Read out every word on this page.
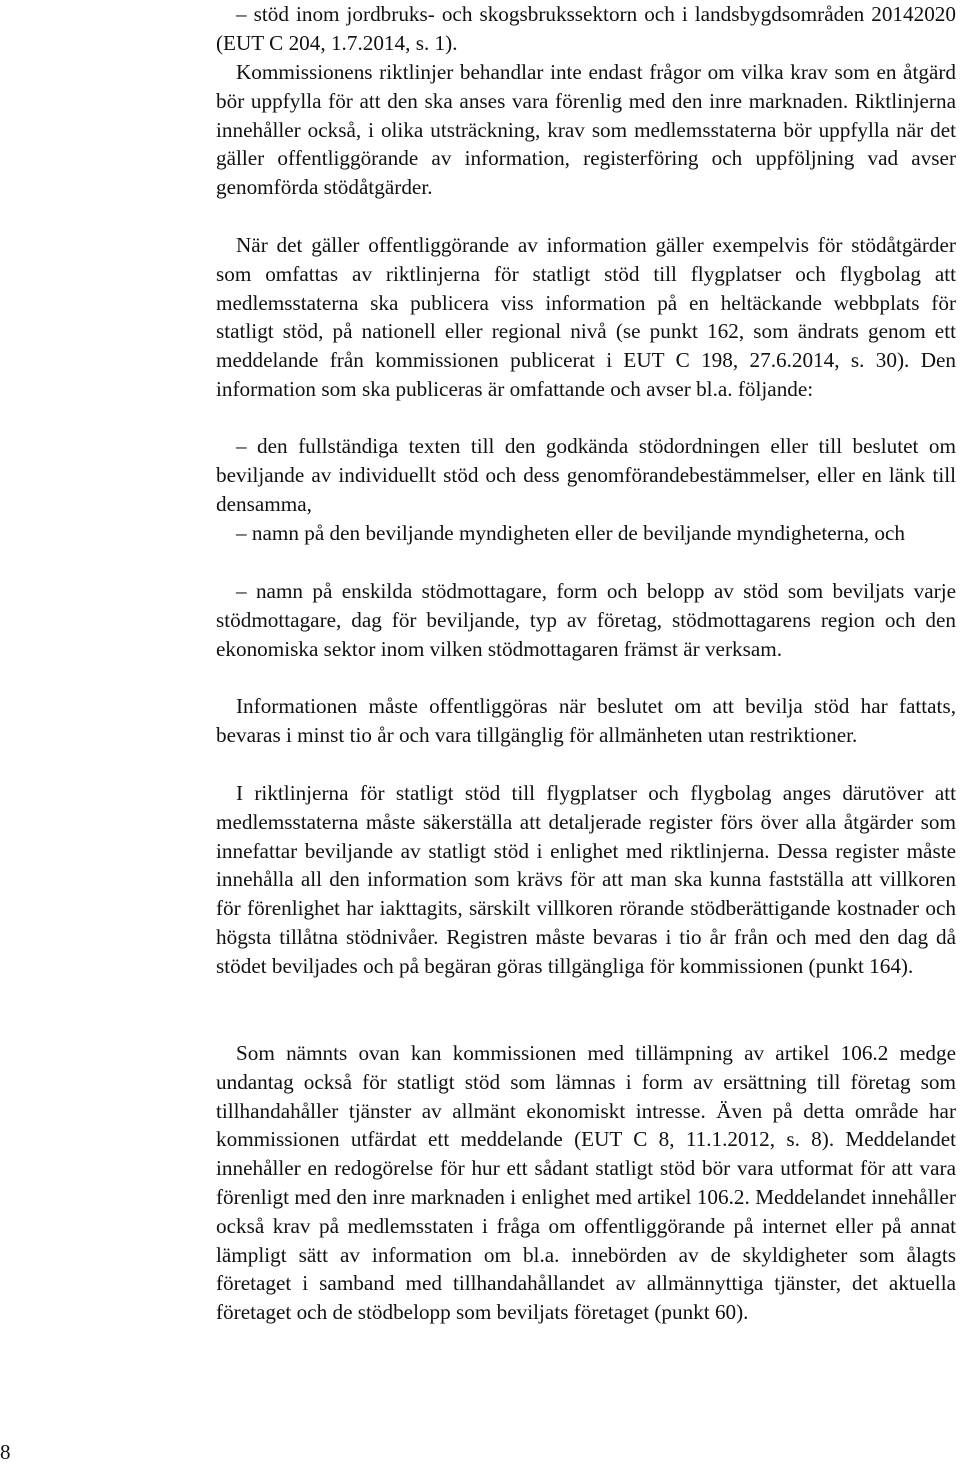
– stöd inom jordbruks- och skogsbrukssektorn och i landsbygdsområden 20142020 (EUT C 204, 1.7.2014, s. 1).

Kommissionens riktlinjer behandlar inte endast frågor om vilka krav som en åtgärd bör uppfylla för att den ska anses vara förenlig med den inre marknaden. Riktlinjerna innehåller också, i olika utsträckning, krav som medlemsstaterna bör uppfylla när det gäller offentliggörande av information, registerföring och uppföljning vad avser genomförda stödåtgärder.

När det gäller offentliggörande av information gäller exempelvis för stödåtgärder som omfattas av riktlinjerna för statligt stöd till flygplatser och flygbolag att medlemsstaterna ska publicera viss information på en heltäckande webbplats för statligt stöd, på nationell eller regional nivå (se punkt 162, som ändrats genom ett meddelande från kommissionen publicerat i EUT C 198, 27.6.2014, s. 30). Den information som ska publiceras är omfattande och avser bl.a. följande:

– den fullständiga texten till den godkända stödordningen eller till beslutet om beviljande av individuellt stöd och dess genomförandebestämmelser, eller en länk till densamma,

– namn på den beviljande myndigheten eller de beviljande myndigheterna, och

– namn på enskilda stödmottagare, form och belopp av stöd som beviljats varje stödmottagare, dag för beviljande, typ av företag, stödmottagarens region och den ekonomiska sektor inom vilken stödmottagaren främst är verksam.

Informationen måste offentliggöras när beslutet om att bevilja stöd har fattats, bevaras i minst tio år och vara tillgänglig för allmänheten utan restriktioner.

I riktlinjerna för statligt stöd till flygplatser och flygbolag anges därutöver att medlemsstaterna måste säkerställa att detaljerade register förs över alla åtgärder som innefattar beviljande av statligt stöd i enlighet med riktlinjerna. Dessa register måste innehålla all den information som krävs för att man ska kunna fastställa att villkoren för förenlighet har iakttagits, särskilt villkoren rörande stödberättigande kostnader och högsta tillåtna stödnivåer. Registren måste bevaras i tio år från och med den dag då stödet beviljades och på begäran göras tillgängliga för kommissionen (punkt 164).

Som nämnts ovan kan kommissionen med tillämpning av artikel 106.2 medge undantag också för statligt stöd som lämnas i form av ersättning till företag som tillhandahåller tjänster av allmänt ekonomiskt intresse. Även på detta område har kommissionen utfärdat ett meddelande (EUT C 8, 11.1.2012, s. 8). Meddelandet innehåller en redogörelse för hur ett sådant statligt stöd bör vara utformat för att vara förenligt med den inre marknaden i enlighet med artikel 106.2. Meddelandet innehåller också krav på medlemsstaten i fråga om offentliggörande på internet eller på annat lämpligt sätt av information om bl.a. innebörden av de skyldigheter som ålagts företaget i samband med tillhandahållandet av allmännyttiga tjänster, det aktuella företaget och de stödbelopp som beviljats företaget (punkt 60).

8
